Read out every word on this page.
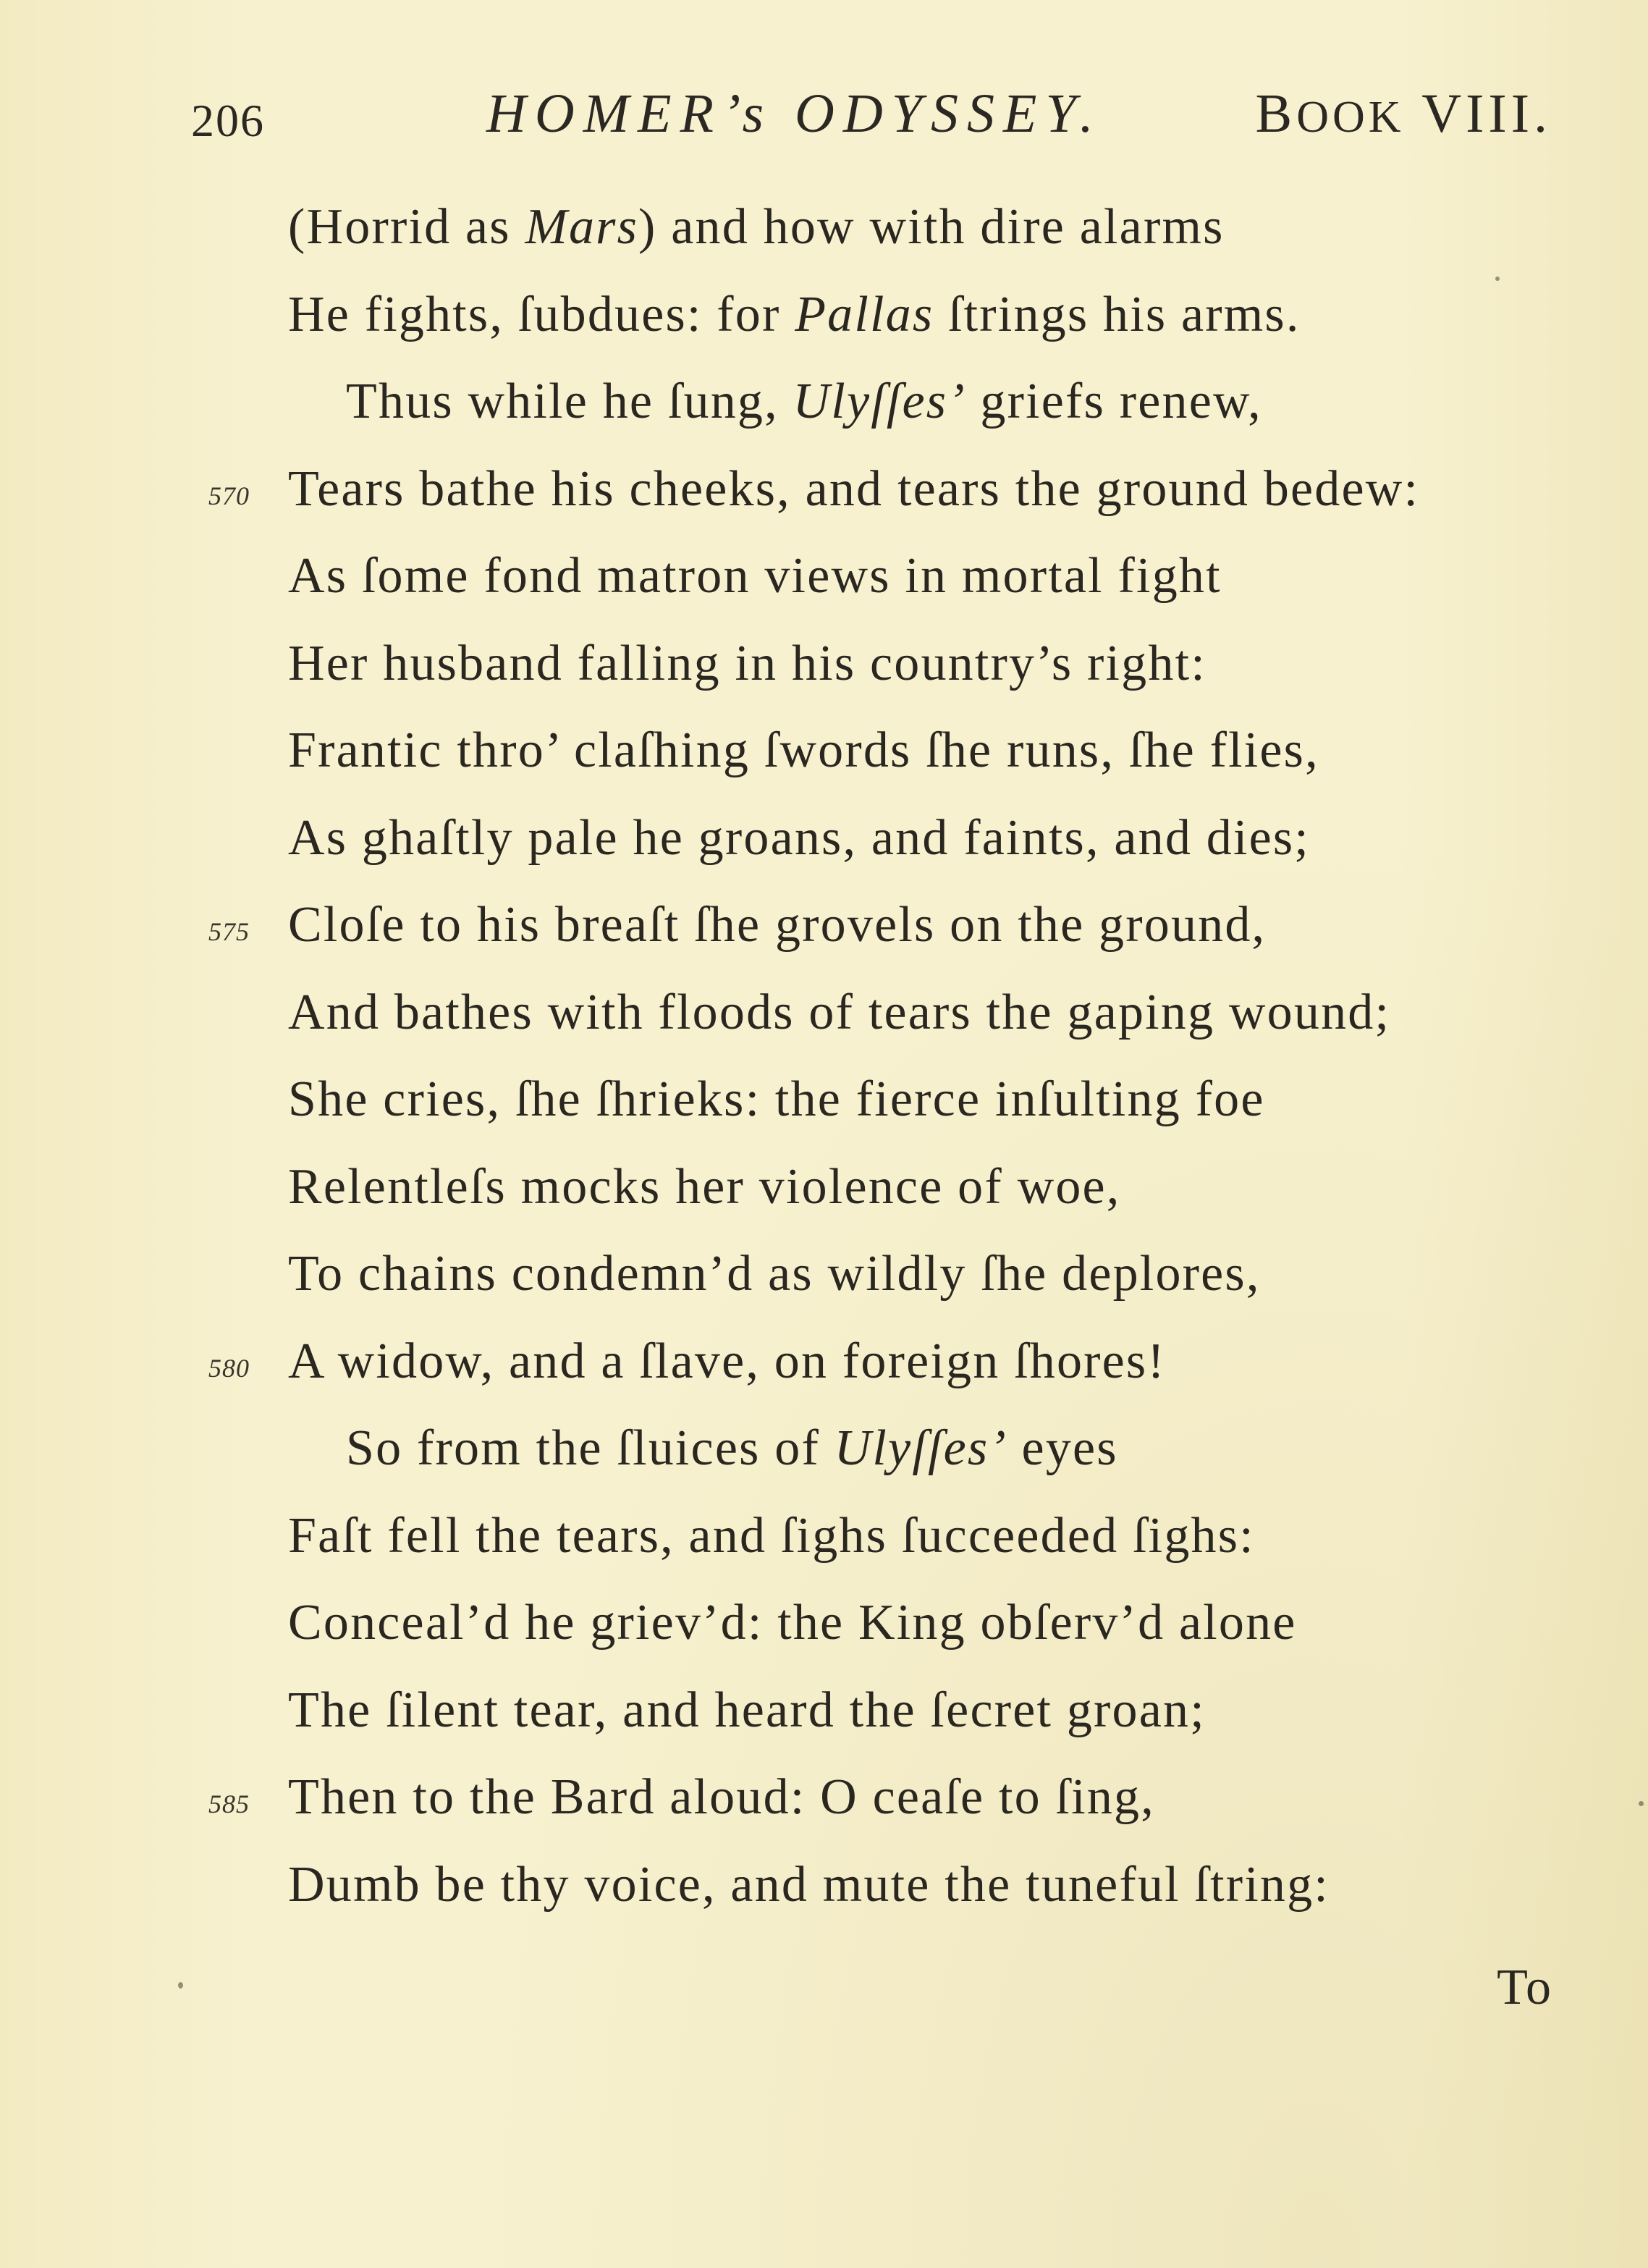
206	HOMER’s ODYSSEY.	BOOK VIII.
(Horrid as Mars) and how with dire alarms
He fights, ſubdues: for Pallas ſtrings his arms.
Thus while he ſung, Ulyſſes’ griefs renew,
570 Tears bathe his cheeks, and tears the ground bedew:
As ſome fond matron views in mortal fight
Her husband falling in his country’s right:
Frantic thro’ claſhing ſwords ſhe runs, ſhe flies,
As ghaſtly pale he groans, and faints, and dies;
575 Cloſe to his breaſt ſhe grovels on the ground,
And bathes with floods of tears the gaping wound;
She cries, ſhe ſhrieks: the fierce inſulting foe
Relentleſs mocks her violence of woe,
To chains condemn’d as wildly ſhe deplores,
580 A widow, and a ſlave, on foreign ſhores!
So from the ſluices of Ulyſſes’ eyes
Faſt fell the tears, and ſighs ſucceeded ſighs:
Conceal’d he griev’d: the King obſerv’d alone
The ſilent tear, and heard the ſecret groan;
585 Then to the Bard aloud: O ceaſe to ſing,
Dumb be thy voice, and mute the tuneful ſtring:
To
